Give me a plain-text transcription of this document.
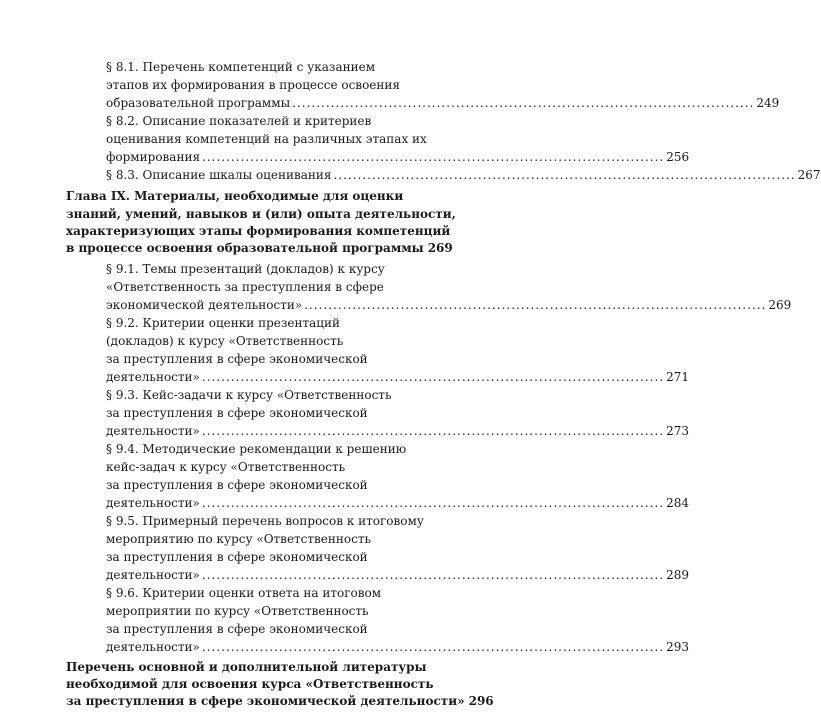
§ 8.1. Перечень компетенций с указанием
этапов их формирования в процессе освоения
образовательной программы ................................................................................................ 249
§ 8.2. Описание показателей и критериев
оценивания компетенций на различных этапах их
формирования ................................................................................................ 256
§ 8.3. Описание шкалы оценивания ................................................................................................ 267
Глава IX. Материалы, необходимые для оценки
знаний, умений, навыков и (или) опыта деятельности,
характеризующих этапы формирования компетенций
в процессе освоения образовательной программы 269
§ 9.1. Темы презентаций (докладов) к курсу
«Ответственность за преступления в сфере
экономической деятельности» ................................................................................................ 269
§ 9.2. Критерии оценки презентаций
(докладов) к курсу «Ответственность
за преступления в сфере экономической
деятельности» ................................................................................................ 271
§ 9.3. Кейс-задачи к курсу «Ответственность
за преступления в сфере экономической
деятельности» ................................................................................................ 273
§ 9.4. Методические рекомендации к решению
кейс-задач к курсу «Ответственность
за преступления в сфере экономической
деятельности» ................................................................................................ 284
§ 9.5. Примерный перечень вопросов к итоговому
мероприятию по курсу «Ответственность
за преступления в сфере экономической
деятельности» ................................................................................................ 289
§ 9.6. Критерии оценки ответа на итоговом
мероприятии по курсу «Ответственность
за преступления в сфере экономической
деятельности» ................................................................................................ 293
Перечень основной и дополнительной литературы
необходимой для освоения курса «Ответственность
за преступления в сфере экономической деятельности» 296
